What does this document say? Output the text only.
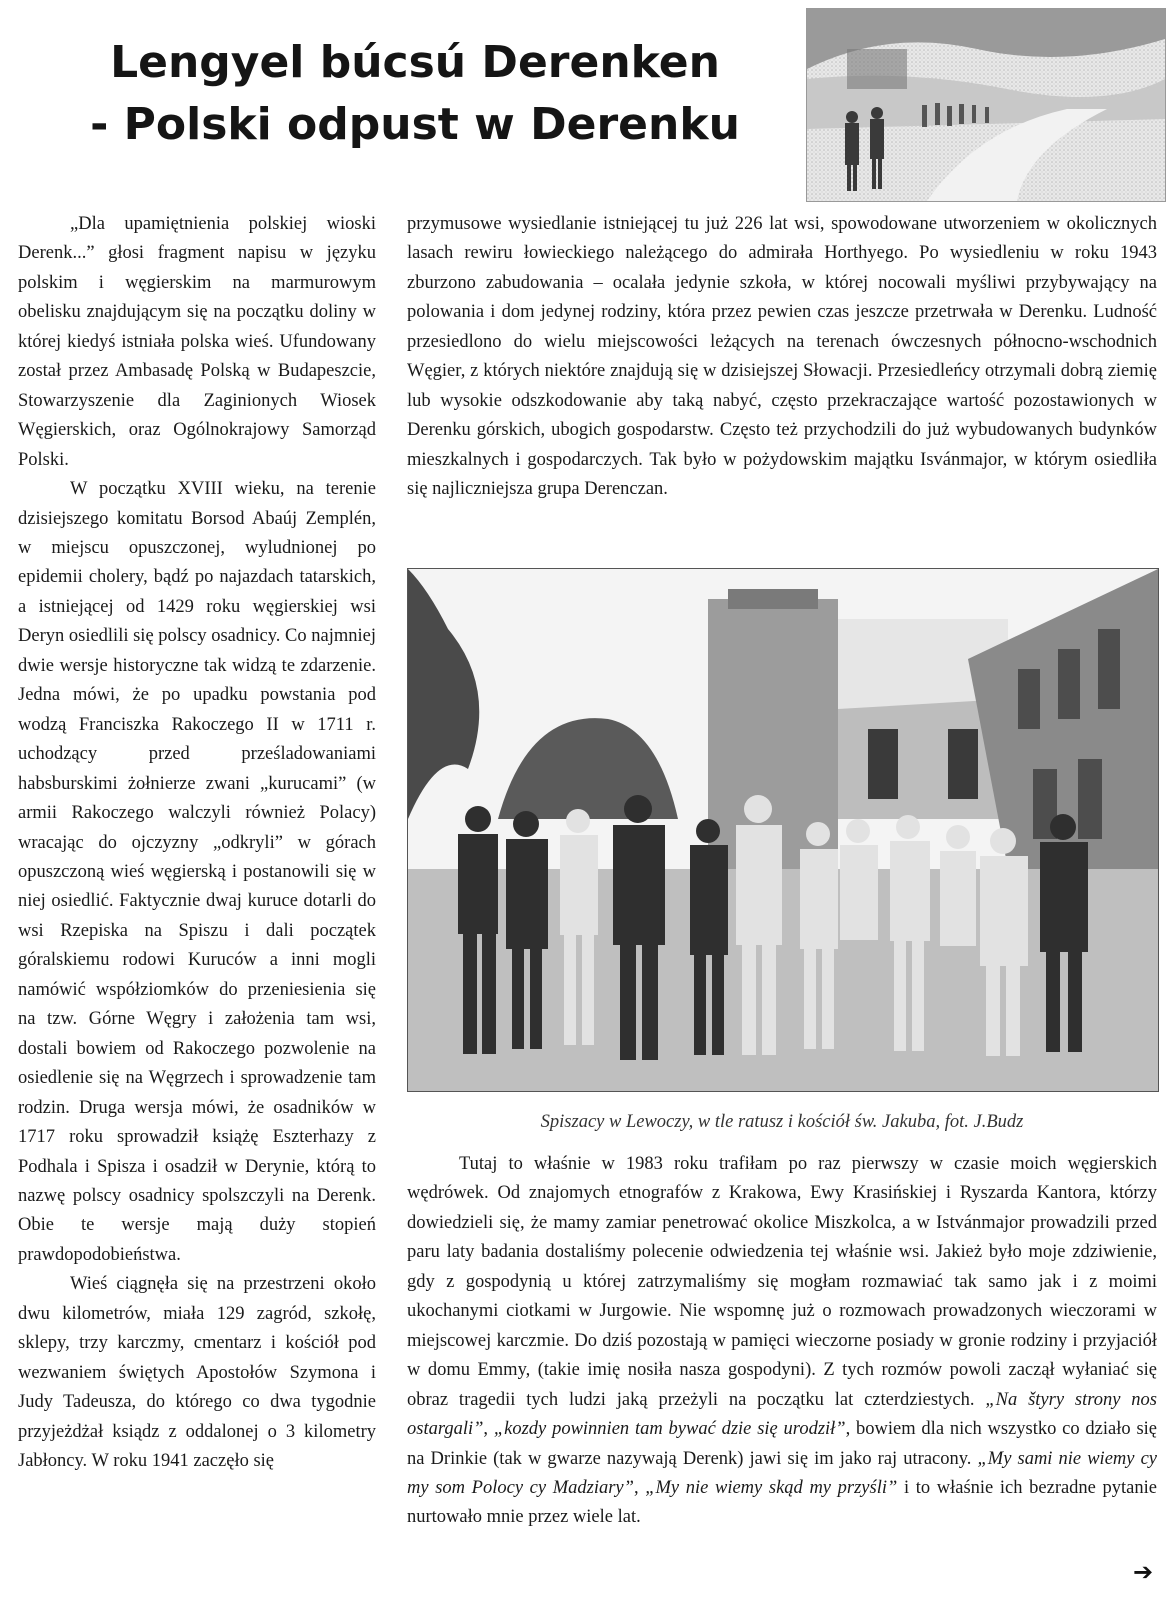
Lengyel búcsú Derenken
- Polski odpust w Derenku

„Dla upamiętnienia polskiej wioski Derenk...” głosi fragment napisu w języku polskim i węgierskim na marmurowym obelisku znajdującym się na początku doliny w której kiedyś istniała polska wieś. Ufundowany został przez Ambasadę Polską w Budapeszcie, Stowarzyszenie dla Zaginionych Wiosek Węgierskich, oraz Ogólnokrajowy Samorząd Polski.

W początku XVIII wieku, na terenie dzisiejszego komitatu Borsod Abaúj Zemplén, w miejscu opuszczonej, wyludnionej po epidemii cholery, bądź po najazdach tatarskich, a istniejącej od 1429 roku węgierskiej wsi Deryn osiedlili się polscy osadnicy. Co najmniej dwie wersje historyczne tak widzą te zdarzenie. Jedna mówi, że po upadku powstania pod wodzą Franciszka Rakoczego II w 1711 r. uchodzący przed prześladowaniami habsburskimi żołnierze zwani „kurucami” (w armii Rakoczego walczyli również Polacy) wracając do ojczyzny „odkryli” w górach opuszczoną wieś węgierską i postanowili się w niej osiedlić. Faktycznie dwaj kuruce dotarli do wsi Rzepiska na Spiszu i dali początek góralskiemu rodowi Kuruców a inni mogli namówić współziomków do przeniesienia się na tzw. Górne Węgry i założenia tam wsi, dostali bowiem od Rakoczego pozwolenie na osiedlenie się na Węgrzech i sprowadzenie tam rodzin. Druga wersja mówi, że osadników w 1717 roku sprowadził książę Eszterhazy z Podhala i Spisza i osadził w Derynie, którą to nazwę polscy osadnicy spolszczyli na Derenk. Obie te wersje mają duży stopień prawdopodobieństwa.

Wieś ciągnęła się na przestrzeni około dwu kilometrów, miała 129 zagród, szkołę, sklepy, trzy karczmy, cmentarz i kościół pod wezwaniem świętych Apostołów Szymona i Judy Tadeusza, do którego co dwa tygodnie przyjeżdżał ksiądz z oddalonej o 3 kilometry Jabłoncy. W roku 1941 zaczęło się

przymusowe wysiedlanie istniejącej tu już 226 lat wsi, spowodowane utworzeniem w okolicznych lasach rewiru łowieckiego należącego do admirała Horthyego. Po wysiedleniu w roku 1943 zburzono zabudowania – ocalała jedynie szkoła, w której nocowali myśliwi przybywający na polowania i dom jedynej rodziny, która przez pewien czas jeszcze przetrwała w Derenku. Ludność przesiedlono do wielu miejscowości leżących na terenach ówczesnych północno-wschodnich Węgier, z których niektóre znajdują się w dzisiejszej Słowacji. Przesiedleńcy otrzymali dobrą ziemię lub wysokie odszkodowanie aby taką nabyć, często przekraczające wartość pozostawionych w Derenku górskich, ubogich gospodarstw. Często też przychodzili do już wybudowanych budynków mieszkalnych i gospodarczych. Tak było w pożydowskim majątku Isvánmajor, w którym osiedliła się najliczniejsza grupa Derenczan.

Spiszacy w Lewoczy, w tle ratusz i kościół św. Jakuba, fot. J.Budz

Tutaj to właśnie w 1983 roku trafiłam po raz pierwszy w czasie moich węgierskich wędrówek. Od znajomych etnografów z Krakowa, Ewy Krasińskiej i Ryszarda Kantora, którzy dowiedzieli się, że mamy zamiar penetrować okolice Miszkolca, a w Istvánmajor prowadzili przed paru laty badania dostaliśmy polecenie odwiedzenia tej właśnie wsi. Jakież było moje zdziwienie, gdy z gospodynią u której zatrzymaliśmy się mogłam rozmawiać tak samo jak i z moimi ukochanymi ciotkami w Jurgowie. Nie wspomnę już o rozmowach prowadzonych wieczorami w miejscowej karczmie. Do dziś pozostają w pamięci wieczorne posiady w gronie rodziny i przyjaciół w domu Emmy, (takie imię nosiła nasza gospodyni). Z tych rozmów powoli zaczął wyłaniać się obraz tragedii tych ludzi jaką przeżyli na początku lat czterdziestych. „Na štyry strony nos ostargali”, „kozdy powinnien tam bywać dzie się urodził”, bowiem dla nich wszystko co działo się na Drinkie (tak w gwarze nazywają Derenk) jawi się im jako raj utracony. „My sami nie wiemy cy my som Polocy cy Madziary”, „My nie wiemy skąd my przyśli” i to właśnie ich bezradne pytanie nurtowało mnie przez wiele lat.

➔
